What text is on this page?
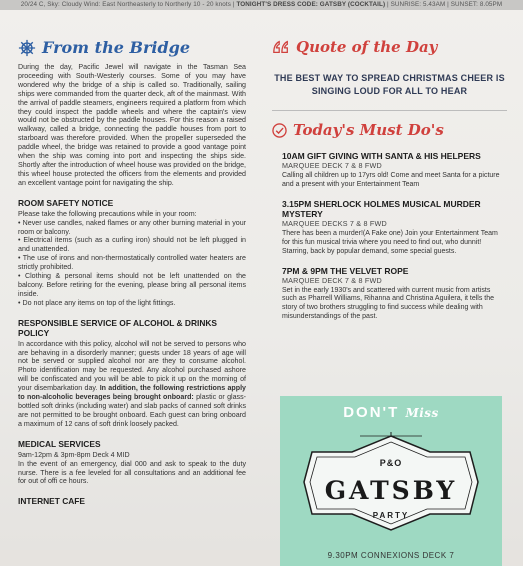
20/24 C, Sky: Cloudy Wind: East Northeasterly to Northerly 10 - 20 knots | TONIGHT'S DRESS CODE: GATSBY (COCKTAIL) | SUNRISE: 5.43AM | SUNSET: 8.05PM
From the Bridge
During the day, Pacific Jewel will navigate in the Tasman Sea proceeding with South-Westerly courses. Some of you may have wondered why the bridge of a ship is called so. Traditionally, sailing ships were commanded from the quarter deck, aft of the mainmast. With the arrival of paddle steamers, engineers required a platform from which they could inspect the paddle wheels and where the captain's view would not be obstructed by the paddle houses. For this reason a raised walkway, called a bridge, connecting the paddle houses from port to starboard was therefore provided. When the propeller superseded the paddle wheel, the bridge was retained to provide a good vantage point when the ship was coming into port and inspecting the ships side. Shortly after the introduction of wheel house was provided on the bridge, this wheel house protected the officers from the elements and provided an excellent vantage point for navigating the ship.
ROOM SAFETY NOTICE
Please take the following precautions while in your room:
• Never use candles, naked flames or any other burning material in your room or balcony.
• Electrical items (such as a curling iron) should not be left plugged in and unattended.
• The use of irons and non-thermostatically controlled water heaters are strictly prohibited.
• Clothing & personal items should not be left unattended on the balcony. Before retiring for the evening, please bring all personal items inside.
• Do not place any items on top of the light fittings.
RESPONSIBLE SERVICE OF ALCOHOL & DRINKS POLICY
In accordance with this policy, alcohol will not be served to persons who are behaving in a disorderly manner; guests under 18 years of age will not be served or supplied alcohol nor are they to consume alcohol. Photo identification may be requested. Any alcohol purchased ashore will be confiscated and you will be able to pick it up on the morning of your disembarkation day. In addition, the following restrictions apply to non-alcoholic beverages being brought onboard: plastic or glass-bottled soft drinks (including water) and slab packs of canned soft drinks are not permitted to be brought onboard. Each guest can bring onboard a maximum of 12 cans of soft drink loosely packed.
MEDICAL SERVICES
9am-12pm & 3pm-8pm Deck 4 MID
In the event of an emergency, dial 000 and ask to speak to the duty nurse. There is a fee leveled for all consultations and an additional fee for out of offi ce hours.
INTERNET CAFE
Quote of the Day
THE BEST WAY TO SPREAD CHRISTMAS CHEER IS SINGING LOUD FOR ALL TO HEAR
Today's Must Do's
10AM GIFT GIVING WITH SANTA & HIS HELPERS
MARQUEE DECK 7 & 8 FWD
Calling all children up to 17yrs old! Come and meet Santa for a picture and a present with your Entertainment Team
3.15PM SHERLOCK HOLMES MUSICAL MURDER MYSTERY
MARQUEE DECKS 7 & 8 FWD
There has been a murder!(A Fake one) Join your Entertainment Team for this fun musical trivia where you need to find out, who dunnit! Starring, back by popular demand, some special guests.
7PM & 9PM THE VELVET ROPE
MARQUEE DECK 7 & 8 FWD
Set in the early 1930's and scattered with current music from artists such as Pharrell Williams, Rihanna and Christina Aguilera, it tells the story of two brothers struggling to find success while dealing with misunderstandings of the past.
DON'T Miss
P&O
GATSBY
PARTY
9.30PM CONNEXIONS DECK 7
